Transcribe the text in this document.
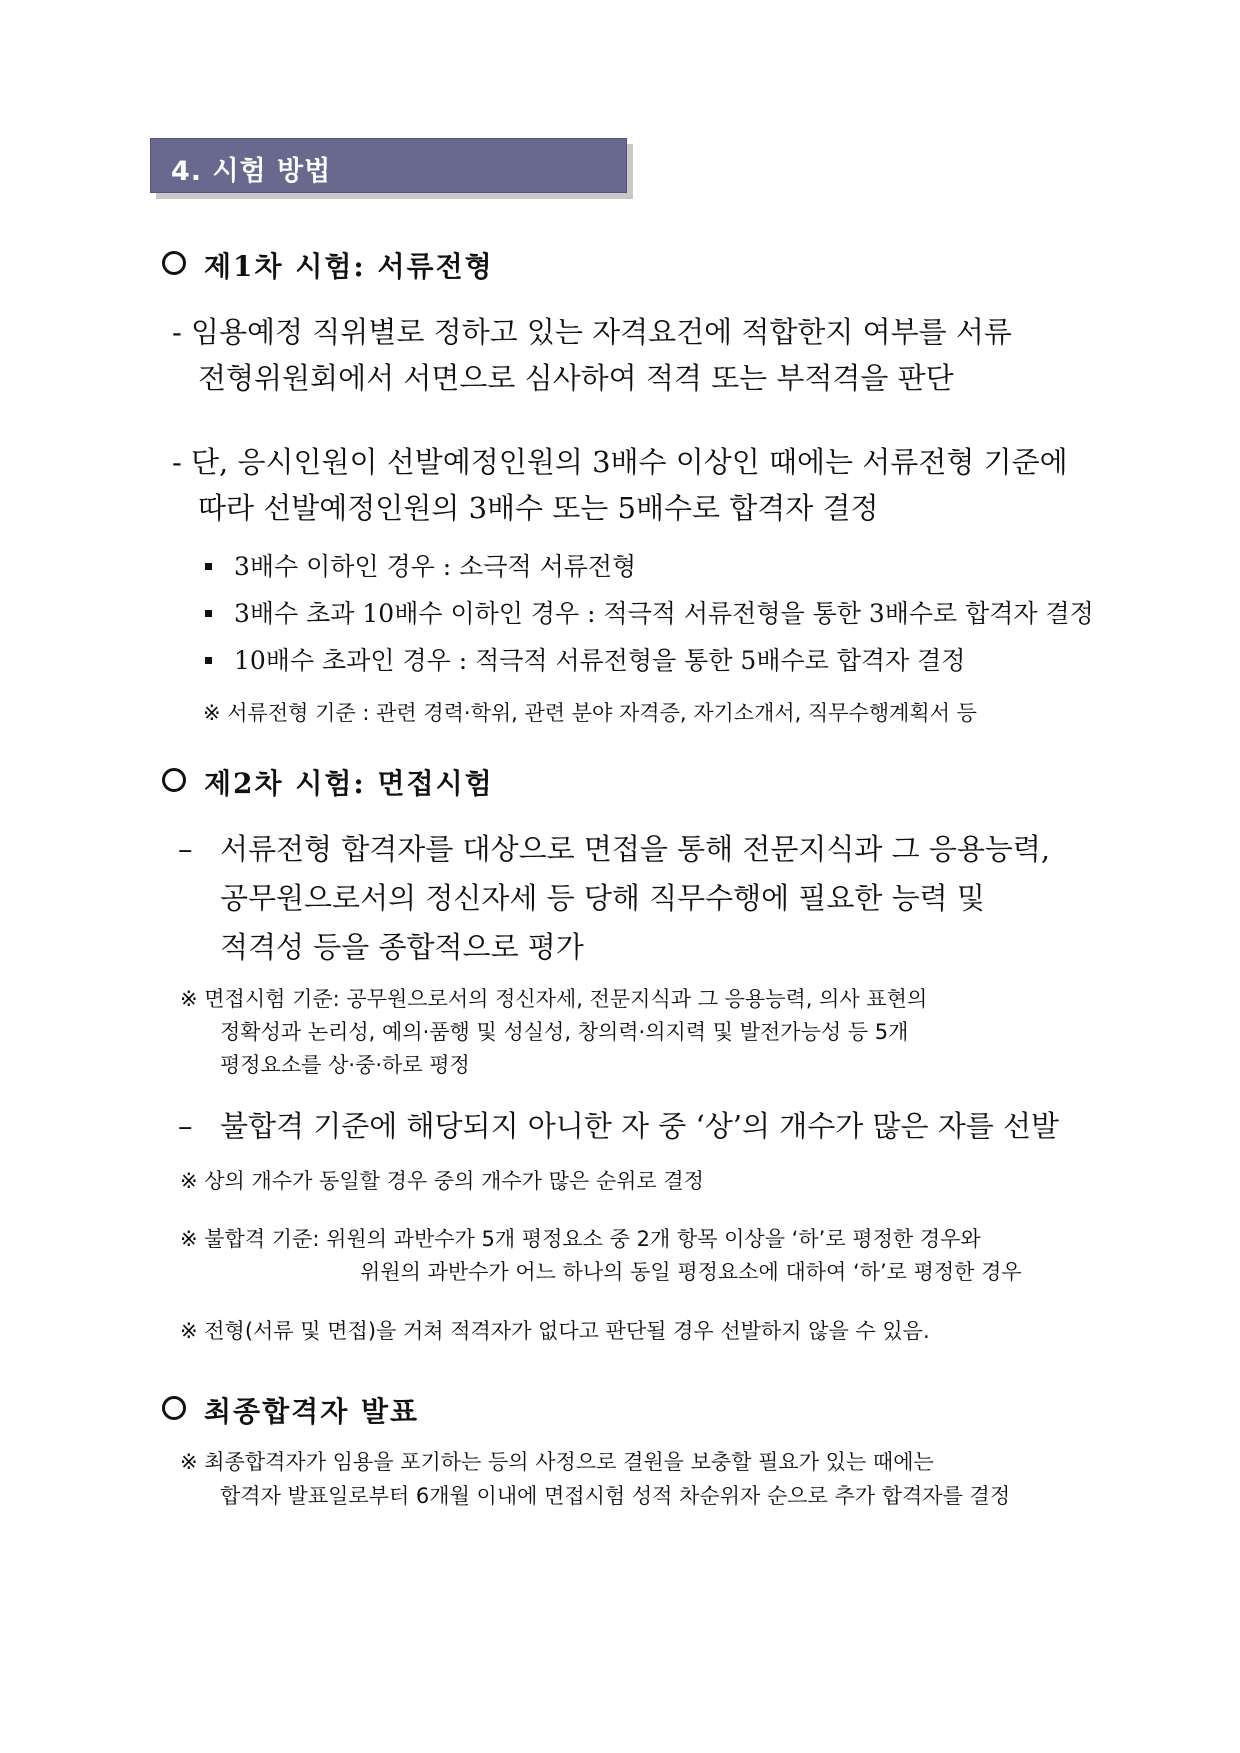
4. 시험 방법
제1차 시험: 서류전형
- 임용예정 직위별로 정하고 있는 자격요건에 적합한지 여부를 서류
전형위원회에서 서면으로 심사하여 적격 또는 부적격을 판단
- 단, 응시인원이 선발예정인원의 3배수 이상인 때에는 서류전형 기준에
따라 선발예정인원의 3배수 또는 5배수로 합격자 결정
3배수 이하인 경우 : 소극적 서류전형
3배수 초과 10배수 이하인 경우 : 적극적 서류전형을 통한 3배수로 합격자 결정
10배수 초과인 경우 : 적극적 서류전형을 통한 5배수로 합격자 결정
※ 서류전형 기준 : 관련 경력·학위, 관련 분야 자격증, 자기소개서, 직무수행계획서 등
제2차 시험: 면접시험
– 서류전형 합격자를 대상으로 면접을 통해 전문지식과 그 응용능력,
공무원으로서의 정신자세 등 당해 직무수행에 필요한 능력 및
적격성 등을 종합적으로 평가
※ 면접시험 기준: 공무원으로서의 정신자세, 전문지식과 그 응용능력, 의사 표현의
정확성과 논리성, 예의·품행 및 성실성, 창의력·의지력 및 발전가능성 등 5개
평정요소를 상·중·하로 평정
– 불합격 기준에 해당되지 아니한 자 중 ‘상’의 개수가 많은 자를 선발
※ 상의 개수가 동일할 경우 중의 개수가 많은 순위로 결정
※ 불합격 기준: 위원의 과반수가 5개 평정요소 중 2개 항목 이상을 ‘하’로 평정한 경우와
위원의 과반수가 어느 하나의 동일 평정요소에 대하여 ‘하’로 평정한 경우
※ 전형(서류 및 면접)을 거쳐 적격자가 없다고 판단될 경우 선발하지 않을 수 있음.
최종합격자 발표
※ 최종합격자가 임용을 포기하는 등의 사정으로 결원을 보충할 필요가 있는 때에는
합격자 발표일로부터 6개월 이내에 면접시험 성적 차순위자 순으로 추가 합격자를 결정
